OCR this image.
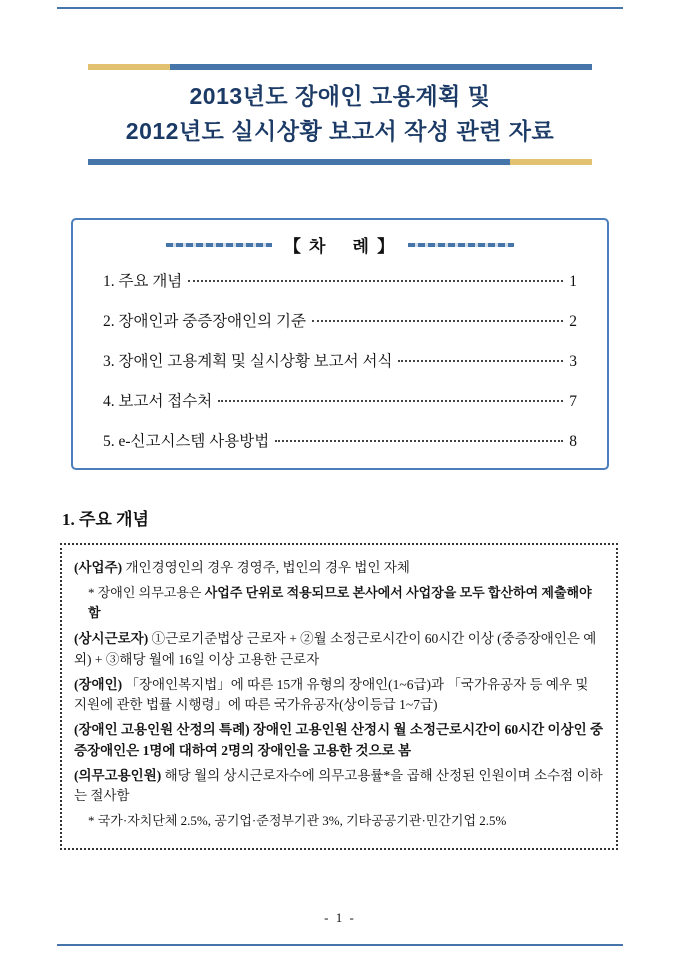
2013년도 장애인 고용계획 및
2012년도 실시상황 보고서 작성 관련 자료
【 차    례 】
1. 주요 개념	1
2. 장애인과 중증장애인의 기준	2
3. 장애인 고용계획 및 실시상황 보고서 서식	3
4. 보고서 접수처	7
5. e-신고시스템 사용방법	8
1. 주요 개념

(사업주) 개인경영인의 경우 경영주, 법인의 경우 법인 자체

* 장애인 의무고용은 사업주 단위로 적용되므로 본사에서 사업장을 모두 합산하여 제출해야 함

(상시근로자) ①근로기준법상 근로자 + ②월 소정근로시간이 60시간 이상 (중증장애인은 예외) + ③해당 월에 16일 이상 고용한 근로자

(장애인) 「장애인복지법」에 따른 15개 유형의 장애인(1~6급)과 「국가유공자 등 예우 및 지원에 관한 법률 시행령」에 따른 국가유공자(상이등급 1~7급)

(장애인 고용인원 산정의 특례) 장애인 고용인원 산정시 월 소정근로시간이 60시간 이상인 중증장애인은 1명에 대하여 2명의 장애인을 고용한 것으로 봄

(의무고용인원) 해당 월의 상시근로자수에 의무고용률*을 곱해 산정된 인원이며 소수점 이하는 절사함

* 국가·자치단체 2.5%, 공기업·준정부기관 3%, 기타공공기관·민간기업 2.5%

- 1 -
